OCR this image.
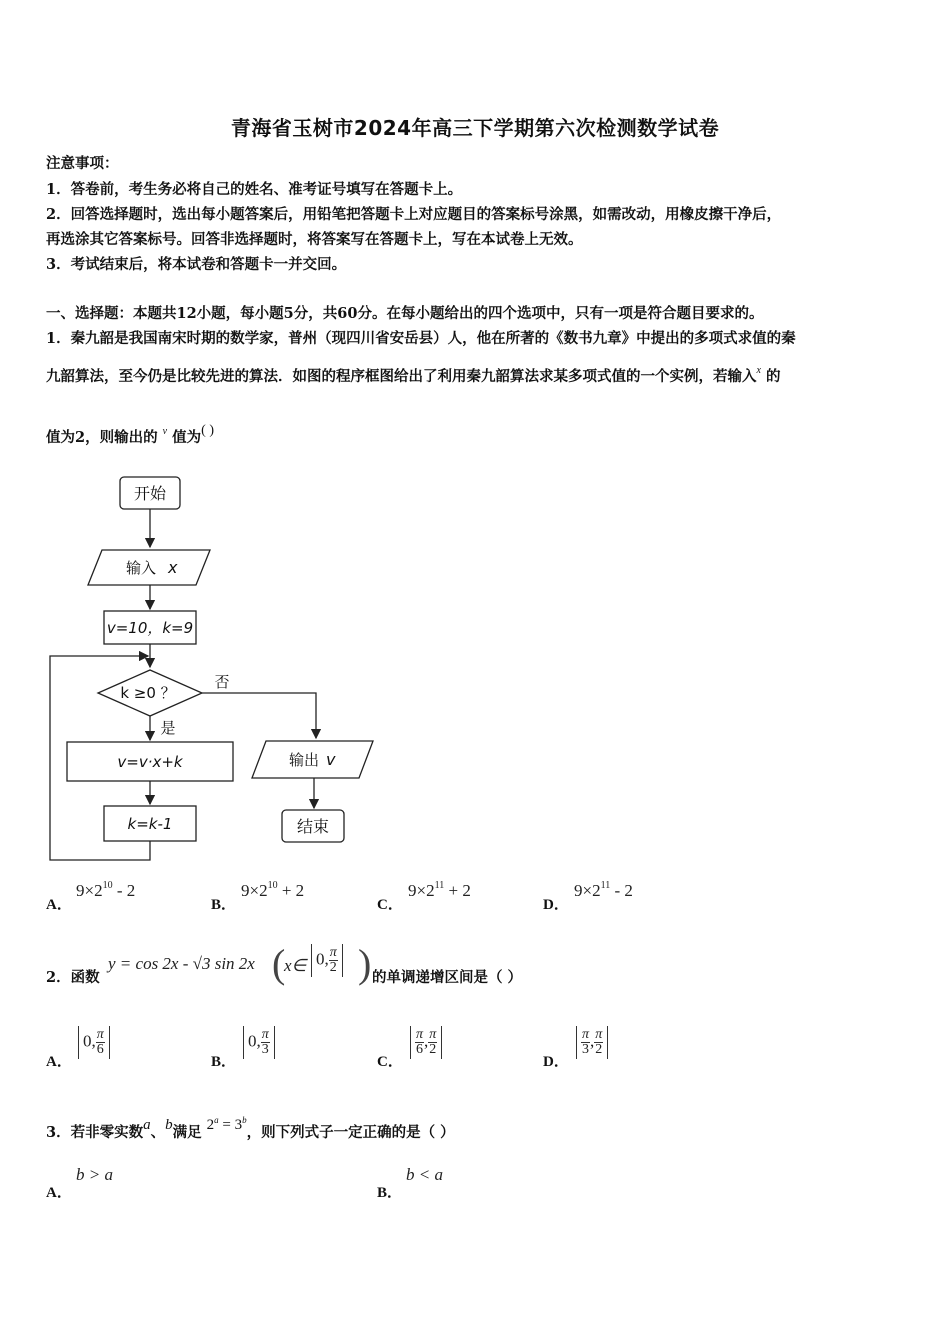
青海省玉树市2024年高三下学期第六次检测数学试卷
注意事项：
1．答卷前，考生务必将自己的姓名、准考证号填写在答题卡上。
2．回答选择题时，选出每小题答案后，用铅笔把答题卡上对应题目的答案标号涂黑，如需改动，用橡皮擦干净后，
再选涂其它答案标号。回答非选择题时，将答案写在答题卡上，写在本试卷上无效。
3．考试结束后，将本试卷和答题卡一并交回。
一、选择题：本题共12小题，每小题5分，共60分。在每小题给出的四个选项中，只有一项是符合题目要求的。
1．秦九韶是我国南宋时期的数学家，普州（现四川省安岳县）人，他在所著的《数书九章》中提出的多项式求值的秦
九韶算法，至今仍是比较先进的算法．如图的程序框图给出了利用秦九韶算法求某多项式值的一个实例，若输入$^x$ 的
值为2，则输出的 $^v$ 值为( )
开始
输入 x
v=10，k=9
k ≥0 ？
否
是
v=v·x+k
k=k-1
输出 v
结束
A．
$9\times 2^{10} - 2$
B．
$9\times 2^{10} + 2$
C．
$9\times 2^{11} + 2$
D．
$9\times 2^{11} - 2$
2．函数
y = cos 2x - √3 sin 2x (
x∈ 0, $\frac{\pi}{2}$ ) 的单调递增区间是（ ）
A．
0, $\frac{\pi}{6}$
B．
0, $\frac{\pi}{3}$
C．
$\frac{\pi}{6}$ , $\frac{\pi}{2}$
D．
$\frac{\pi}{3}$ , $\frac{\pi}{2}$
3．若非零实数a、b满足 $2^a = 3^b$，则下列式子一定正确的是（ ）
A．
b > a
B．
b < a
